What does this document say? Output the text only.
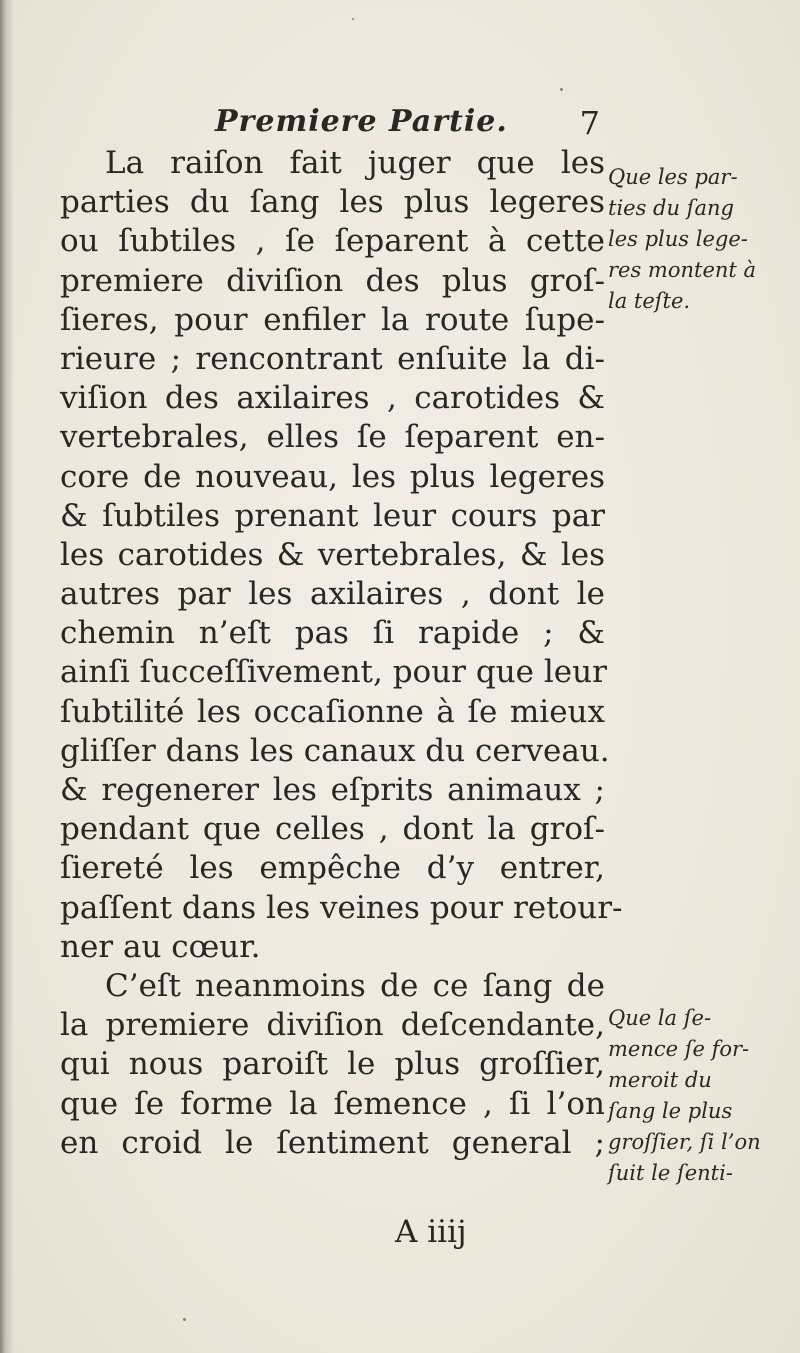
Premiere Partie. 7
La raiſon fait juger que les
parties du ſang les plus legeres
ou ſubtiles , ſe ſeparent à cette
premiere diviſion des plus groſ-
ſieres, pour enfiler la route ſupe-
rieure ; rencontrant enſuite la di-
viſion des axilaires , carotides &
vertebrales, elles ſe ſeparent en-
core de nouveau, les plus legeres
& ſubtiles prenant leur cours par
les carotides & vertebrales, & les
autres par les axilaires , dont le
chemin n’eſt pas ſi rapide ; &
ainſi ſucceſſivement, pour que leur
ſubtilité les occaſionne à ſe mieux
gliſſer dans les canaux du cerveau.
& regenerer les eſprits animaux ;
pendant que celles , dont la groſ-
ſiereté les empêche d’y entrer,
paſſent dans les veines pour retour-
ner au cœur.
C’eſt neanmoins de ce ſang de
la premiere diviſion deſcendante,
qui nous paroiſt le plus groſſier,
que ſe forme la ſemence , ſi l’on
en croid le ſentiment general ;
A iiij
Que les par-
ties du ſang
les plus lege-
res montent à
la teſte.
Que la ſe-
mence ſe for-
meroit du
ſang le plus
groſſier, ſi l’on
ſuit le ſenti-
